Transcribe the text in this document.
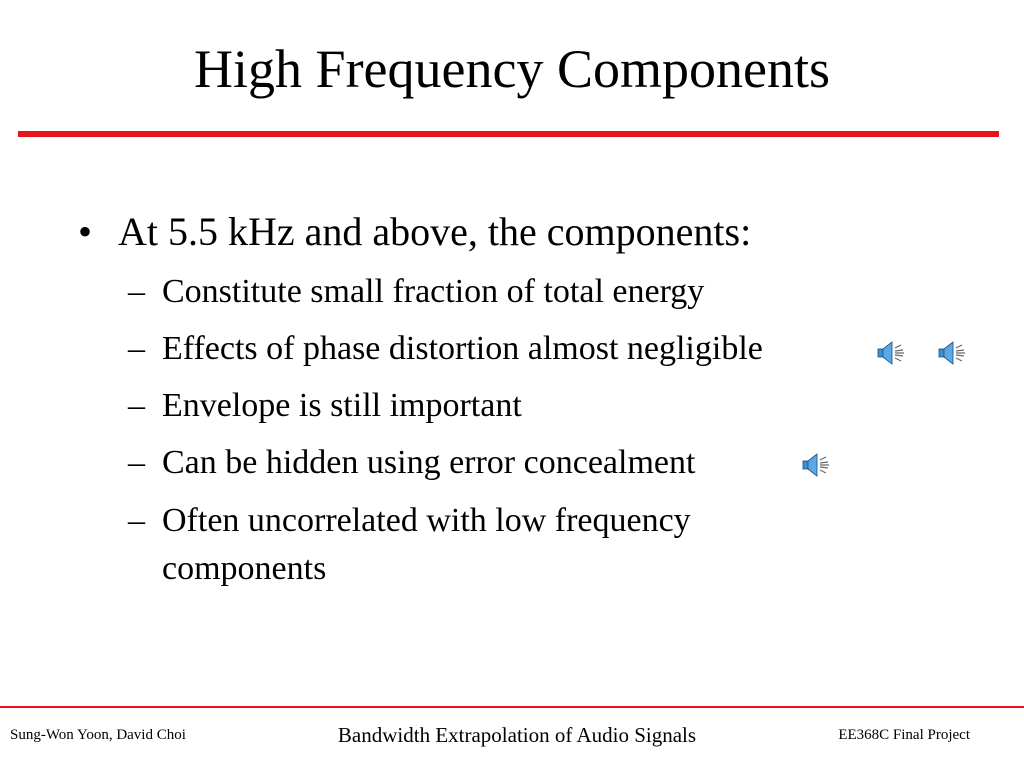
High Frequency Components
• At 5.5 kHz and above, the components:
– Constitute small fraction of total energy
– Effects of phase distortion almost negligible
– Envelope is still important
– Can be hidden using error concealment
– Often uncorrelated with low frequency components
Sung-Won Yoon, David Choi	Bandwidth Extrapolation of Audio Signals	EE368C Final Project
